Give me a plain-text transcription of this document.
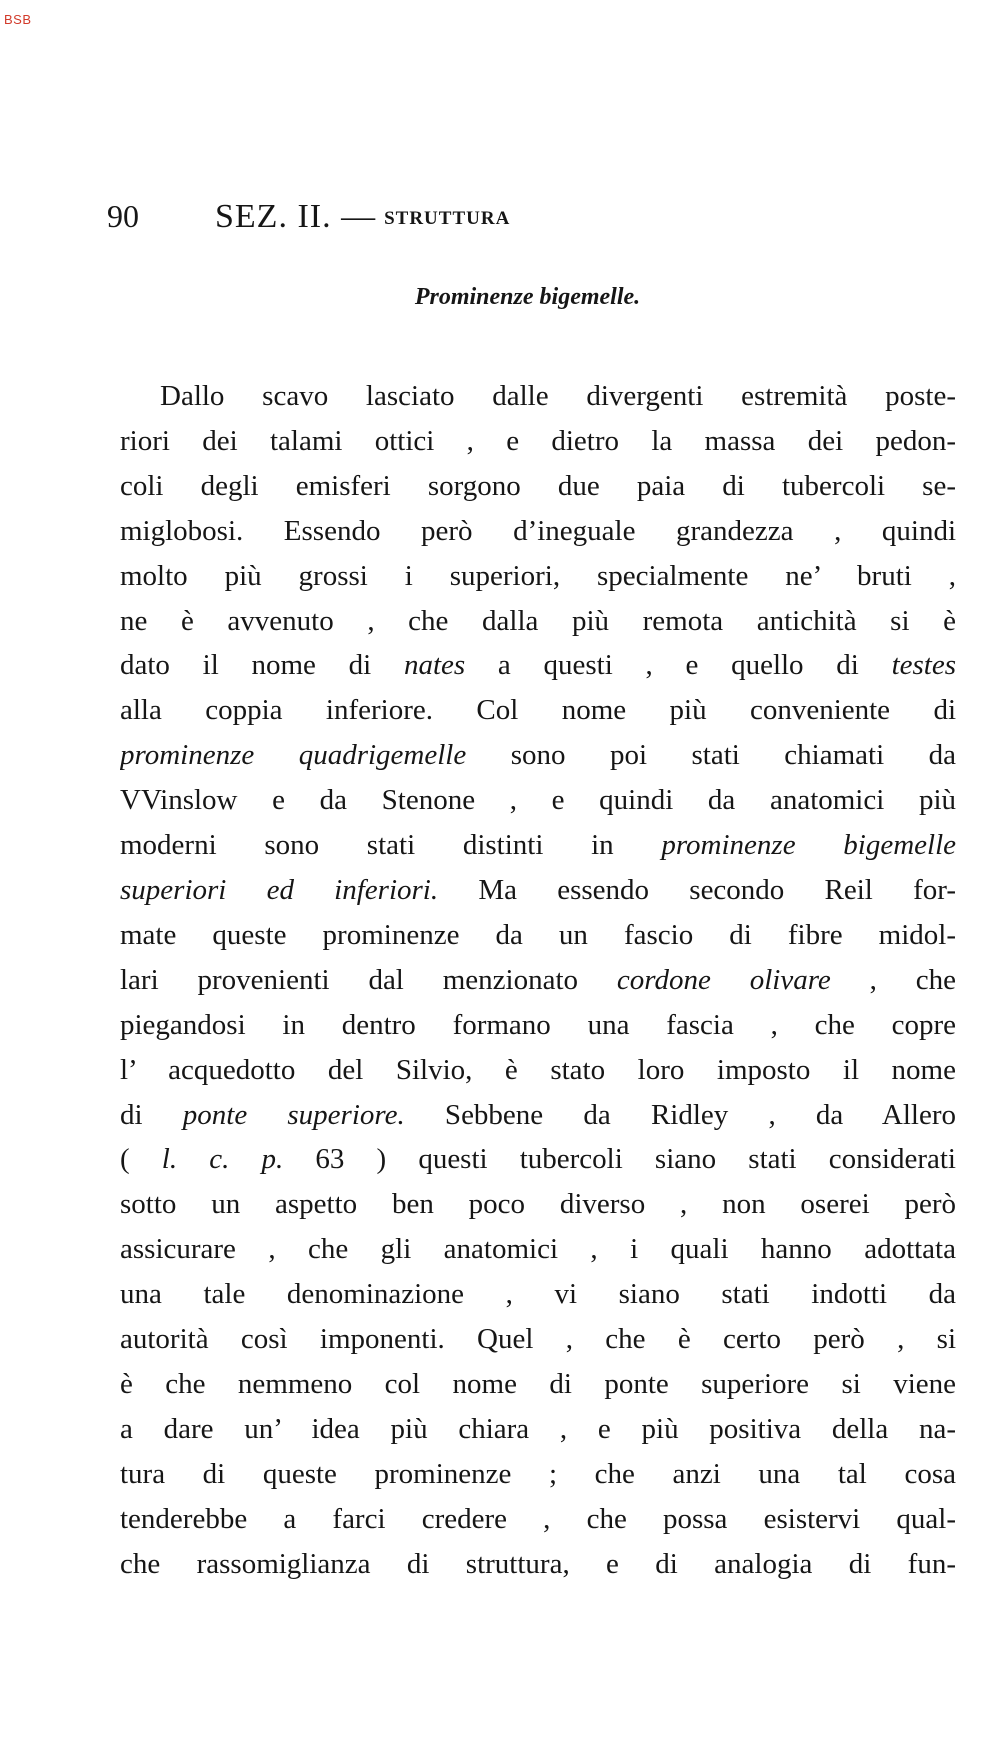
BSB
90 SEZ. II. — STRUTTURA
Prominenze bigemelle.
Dallo scavo lasciato dalle divergenti estremità poste-
riori dei talami ottici , e dietro la massa dei pedon-
coli degli emisferi sorgono due paia di tubercoli se-
miglobosi. Essendo però d’ineguale grandezza , quindi
molto più grossi i superiori, specialmente ne’ bruti ,
ne è avvenuto , che dalla più remota antichità si è
dato il nome di nates a questi , e quello di testes
alla coppia inferiore. Col nome più conveniente di
prominenze quadrigemelle sono poi stati chiamati da
VVinslow e da Stenone , e quindi da anatomici più
moderni sono stati distinti in prominenze bigemelle
superiori ed inferiori. Ma essendo secondo Reil for-
mate queste prominenze da un fascio di fibre midol-
lari provenienti dal menzionato cordone olivare , che
piegandosi in dentro formano una fascia , che copre
l’ acquedotto del Silvio, è stato loro imposto il nome
di ponte superiore. Sebbene da Ridley , da Allero
( l. c. p. 63 ) questi tubercoli siano stati considerati
sotto un aspetto ben poco diverso , non oserei però
assicurare , che gli anatomici , i quali hanno adottata
una tale denominazione , vi siano stati indotti da
autorità così imponenti. Quel , che è certo però , si
è che nemmeno col nome di ponte superiore si viene
a dare un’ idea più chiara , e più positiva della na-
tura di queste prominenze ; che anzi una tal cosa
tenderebbe a farci credere , che possa esistervi qual-
che rassomiglianza di struttura, e di analogia di fun-
